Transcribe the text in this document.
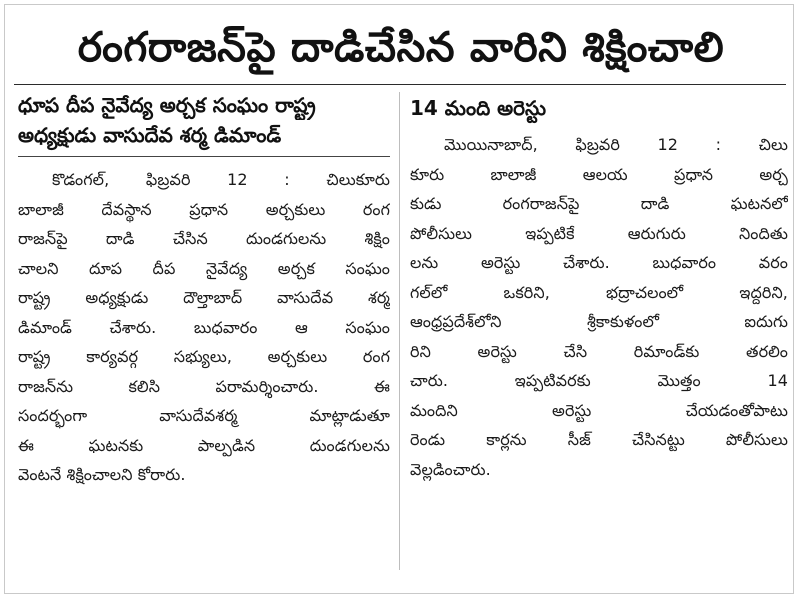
రంగరాజన్‌పై దాడిచేసిన వారిని శిక్షించాలి
ధూప దీప నైవేద్య అర్చక సంఘం రాష్ట్ర
అధ్యక్షుడు వాసుదేవ శర్మ డిమాండ్
కొడంగల్, ఫిబ్రవరి 12 : చిలుకూరు
బాలాజీ దేవస్థాన ప్రధాన అర్చకులు రంగ
రాజన్‌పై దాడి చేసిన దుండగులను శిక్షిం
చాలని దూప దీప నైవేద్య అర్చక సంఘం
రాష్ట్ర అధ్యక్షుడు దౌల్తాబాద్ వాసుదేవ శర్మ
డిమాండ్ చేశారు. బుధవారం ఆ సంఘం
రాష్ట్ర కార్యవర్గ సభ్యులు, అర్చకులు రంగ
రాజన్‌ను కలిసి పరామర్శించారు. ఈ
సందర్భంగా వాసుదేవశర్మ మాట్లాడుతూ
ఈ ఘటనకు పాల్పడిన దుండగులను
వెంటనే శిక్షించాలని కోరారు.
14 మంది అరెస్టు
మొయినాబాద్, ఫిబ్రవరి 12 : చిలు
కూరు బాలాజీ ఆలయ ప్రధాన అర్చ
కుడు రంగరాజన్‌పై దాడి ఘటనలో
పోలీసులు ఇప్పటికే ఆరుగురు నిందితు
లను అరెస్టు చేశారు. బుధవారం వరం
గల్‌లో ఒకరిని, భద్రాచలంలో ఇద్దరిని,
ఆంధ్రప్రదేశ్‌లోని శ్రీకాకుళంలో ఐదుగు
రిని అరెస్టు చేసి రిమాండ్‌కు తరలిం
చారు. ఇప్పటివరకు మొత్తం 14
మందిని అరెస్టు చేయడంతోపాటు
రెండు కార్లను సీజ్ చేసినట్టు పోలీసులు
వెల్లడించారు.
